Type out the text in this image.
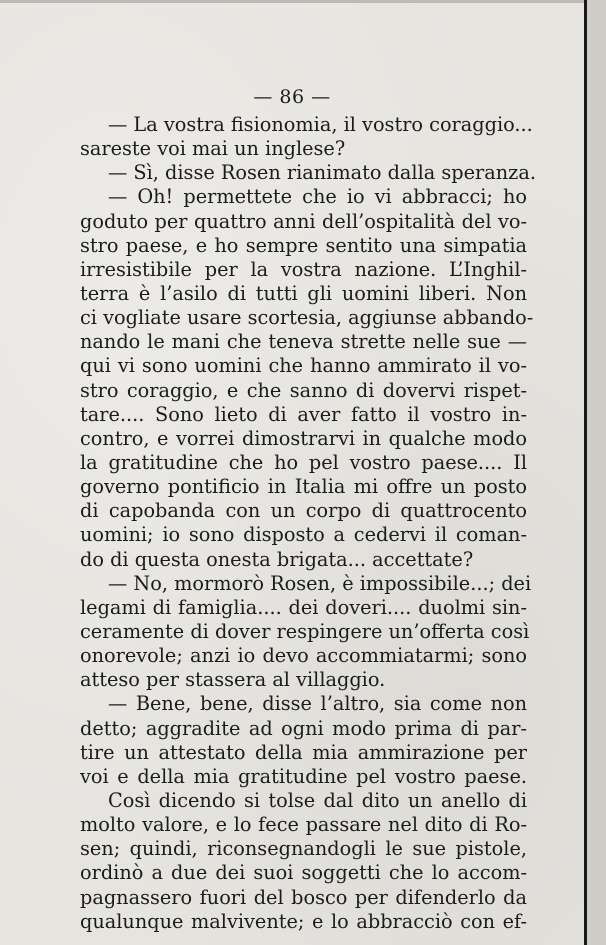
— 86 —
— La vostra fisionomia, il vostro coraggio...
sareste voi mai un inglese?
— Sì, disse Rosen rianimato dalla speranza.
— Oh! permettete che io vi abbracci; ho
goduto per quattro anni dell’ospitalità del vo-
stro paese, e ho sempre sentito una simpatia
irresistibile per la vostra nazione. L’Inghil-
terra è l’asilo di tutti gli uomini liberi. Non
ci vogliate usare scortesia, aggiunse abbando-
nando le mani che teneva strette nelle sue —
qui vi sono uomini che hanno ammirato il vo-
stro coraggio, e che sanno di dovervi rispet-
tare.... Sono lieto di aver fatto il vostro in-
contro, e vorrei dimostrarvi in qualche modo
la gratitudine che ho pel vostro paese.... Il
governo pontificio in Italia mi offre un posto
di capobanda con un corpo di quattrocento
uomini; io sono disposto a cedervi il coman-
do di questa onesta brigata... accettate?
— No, mormorò Rosen, è impossibile...; dei
legami di famiglia.... dei doveri.... duolmi sin-
ceramente di dover respingere un’offerta così
onorevole; anzi io devo accommiatarmi; sono
atteso per stassera al villaggio.
— Bene, bene, disse l’altro, sia come non
detto; aggradite ad ogni modo prima di par-
tire un attestato della mia ammirazione per
voi e della mia gratitudine pel vostro paese.
Così dicendo si tolse dal dito un anello di
molto valore, e lo fece passare nel dito di Ro-
sen; quindi, riconsegnandogli le sue pistole,
ordinò a due dei suoi soggetti che lo accom-
pagnassero fuori del bosco per difenderlo da
qualunque malvivente; e lo abbracciò con ef-
